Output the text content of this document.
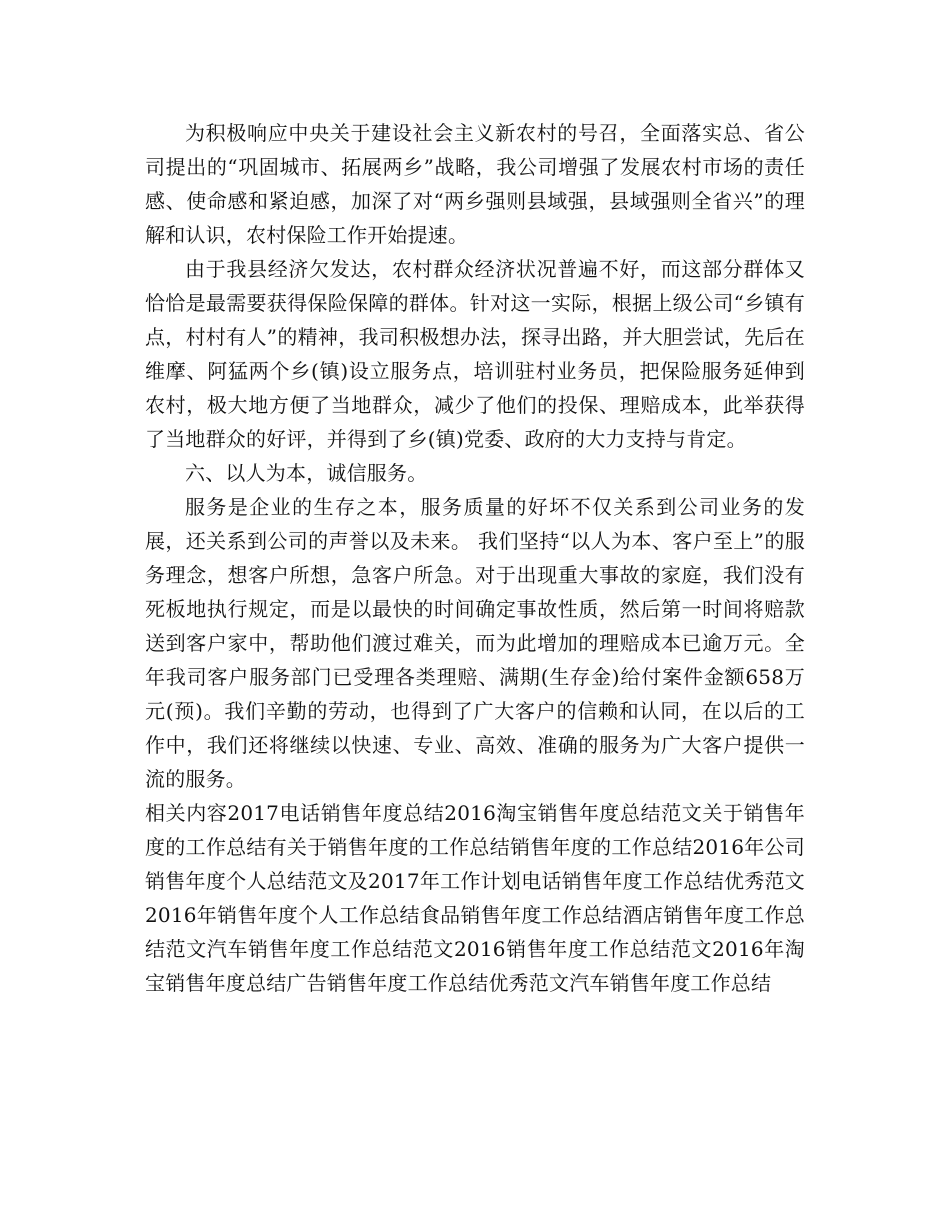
为积极响应中央关于建设社会主义新农村的号召，全面落实总、省公司提出的“巩固城市、拓展两乡”战略，我公司增强了发展农村市场的责任感、使命感和紧迫感，加深了对“两乡强则县域强，县域强则全省兴”的理解和认识，农村保险工作开始提速。

由于我县经济欠发达，农村群众经济状况普遍不好，而这部分群体又恰恰是最需要获得保险保障的群体。针对这一实际，根据上级公司“乡镇有点，村村有人”的精神，我司积极想办法，探寻出路，并大胆尝试，先后在维摩、阿猛两个乡(镇)设立服务点，培训驻村业务员，把保险服务延伸到农村，极大地方便了当地群众，减少了他们的投保、理赔成本，此举获得了当地群众的好评，并得到了乡(镇)党委、政府的大力支持与肯定。

六、以人为本，诚信服务。

服务是企业的生存之本，服务质量的好坏不仅关系到公司业务的发展，还关系到公司的声誉以及未来。 我们坚持“以人为本、客户至上”的服务理念，想客户所想，急客户所急。对于出现重大事故的家庭，我们没有死板地执行规定，而是以最快的时间确定事故性质，然后第一时间将赔款送到客户家中，帮助他们渡过难关，而为此增加的理赔成本已逾万元。全年我司客户服务部门已受理各类理赔、满期(生存金)给付案件金额658万元(预)。我们辛勤的劳动，也得到了广大客户的信赖和认同，在以后的工作中，我们还将继续以快速、专业、高效、准确的服务为广大客户提供一流的服务。

相关内容2017电话销售年度总结2016淘宝销售年度总结范文关于销售年度的工作总结有关于销售年度的工作总结销售年度的工作总结2016年公司销售年度个人总结范文及2017年工作计划电话销售年度工作总结优秀范文2016年销售年度个人工作总结食品销售年度工作总结酒店销售年度工作总结范文汽车销售年度工作总结范文2016销售年度工作总结范文2016年淘宝销售年度总结广告销售年度工作总结优秀范文汽车销售年度工作总结
